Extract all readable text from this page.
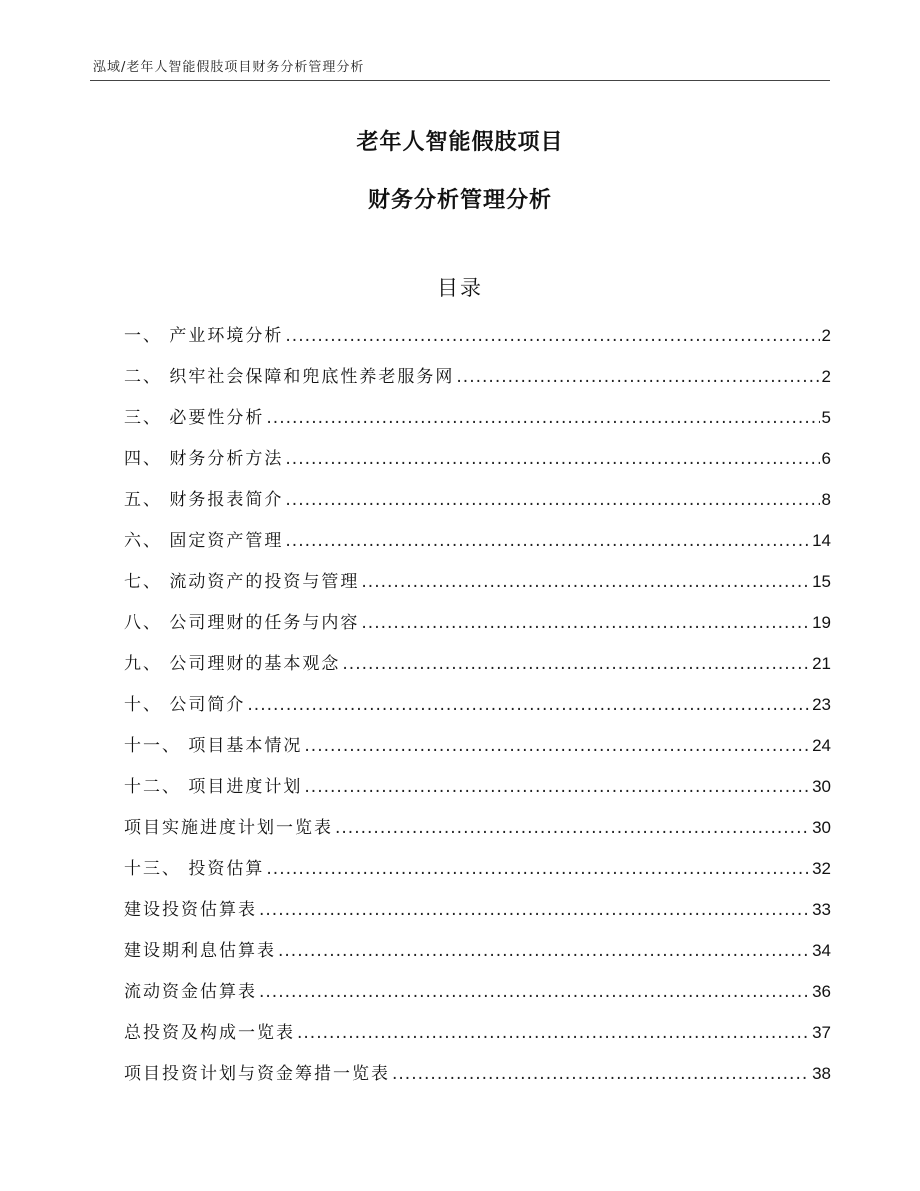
泓域/老年人智能假肢项目财务分析管理分析
老年人智能假肢项目
财务分析管理分析
目录
一、 产业环境分析 .....	2
二、 织牢社会保障和兜底性养老服务网 .....	2
三、 必要性分析 .....	5
四、 财务分析方法 .....	6
五、 财务报表简介 .....	8
六、 固定资产管理 .....	14
七、 流动资产的投资与管理 .....	15
八、 公司理财的任务与内容 .....	19
九、 公司理财的基本观念 .....	21
十、 公司简介 .....	23
十一、 项目基本情况 .....	24
十二、 项目进度计划 .....	30
项目实施进度计划一览表 .....	30
十三、 投资估算 .....	32
建设投资估算表 .....	33
建设期利息估算表 .....	34
流动资金估算表 .....	36
总投资及构成一览表 .....	37
项目投资计划与资金筹措一览表 .....	38
